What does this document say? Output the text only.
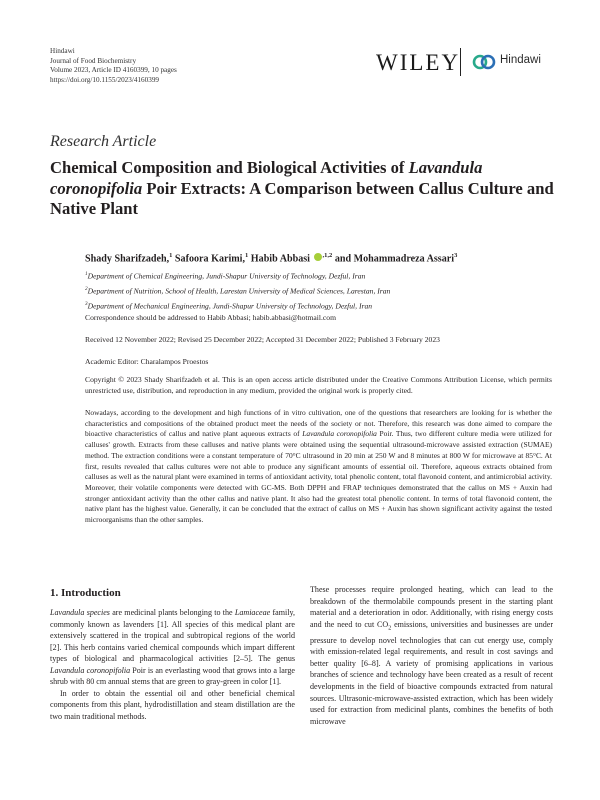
Hindawi
Journal of Food Biochemistry
Volume 2023, Article ID 4160399, 10 pages
https://doi.org/10.1155/2023/4160399
WILEY	Hindawi
Research Article
Chemical Composition and Biological Activities of Lavandula coronopifolia Poir Extracts: A Comparison between Callus Culture and Native Plant
Shady Sharifzadeh,$^1$ Safoora Karimi,$^1$ Habib Abbasi $^{,1,2}$ and Mohammadreza Assari$^3$
$^1$Department of Chemical Engineering, Jundi-Shapur University of Technology, Dezful, Iran
$^2$Department of Nutrition, School of Health, Larestan University of Medical Sciences, Larestan, Iran
$^3$Department of Mechanical Engineering, Jundi-Shapur University of Technology, Dezful, Iran
Correspondence should be addressed to Habib Abbasi; habib.abbasi@hotmail.com
Received 12 November 2022; Revised 25 December 2022; Accepted 31 December 2022; Published 3 February 2023
Academic Editor: Charalampos Proestos
Copyright © 2023 Shady Sharifzadeh et al. This is an open access article distributed under the Creative Commons Attribution License, which permits unrestricted use, distribution, and reproduction in any medium, provided the original work is properly cited.
Nowadays, according to the development and high functions of in vitro cultivation, one of the questions that researchers are looking for is whether the characteristics and compositions of the obtained product meet the needs of the society or not. Therefore, this research was done aimed to compare the bioactive characteristics of callus and native plant aqueous extracts of Lavandula coronopifolia Poir. Thus, two different culture media were utilized for calluses' growth. Extracts from these calluses and native plants were obtained using the sequential ultrasound-microwave assisted extraction (SUMAE) method. The extraction conditions were a constant temperature of 70°C ultrasound in 20 min at 250 W and 8 minutes at 800 W for microwave at 85°C. At first, results revealed that callus cultures were not able to produce any significant amounts of essential oil. Therefore, aqueous extracts obtained from calluses as well as the natural plant were examined in terms of antioxidant activity, total phenolic content, total flavonoid content, and antimicrobial activity. Moreover, their volatile components were detected with GC-MS. Both DPPH and FRAP techniques demonstrated that the callus on MS + Auxin had stronger antioxidant activity than the other callus and native plant. It also had the greatest total phenolic content. In terms of total flavonoid content, the native plant has the highest value. Generally, it can be concluded that the extract of callus on MS + Auxin has shown significant activity against the tested microorganisms than the other samples.
1. Introduction

Lavandula species are medicinal plants belonging to the Lamiaceae family, commonly known as lavenders [1]. All species of this medical plant are extensively scattered in the tropical and subtropical regions of the world [2]. This herb contains varied chemical compounds which impart different types of biological and pharmacological activities [2–5]. The genus Lavandula coronopifolia Poir is an everlasting wood that grows into a large shrub with 80 cm annual stems that are green to gray-green in color [1].

In order to obtain the essential oil and other beneficial chemical components from this plant, hydrodistillation and steam distillation are the two main traditional methods.

These processes require prolonged heating, which can lead to the breakdown of the thermolabile compounds present in the starting plant material and a deterioration in odor. Additionally, with rising energy costs and the need to cut $CO_2$ emissions, universities and businesses are under pressure to develop novel technologies that can cut energy use, comply with emission-related legal requirements, and result in cost savings and better quality [6–8]. A variety of promising applications in various branches of science and technology have been created as a result of recent developments in the field of bioactive compounds extracted from natural sources. Ultrasonic-microwave-assisted extraction, which has been widely used for extraction from medicinal plants, combines the benefits of both microwave
